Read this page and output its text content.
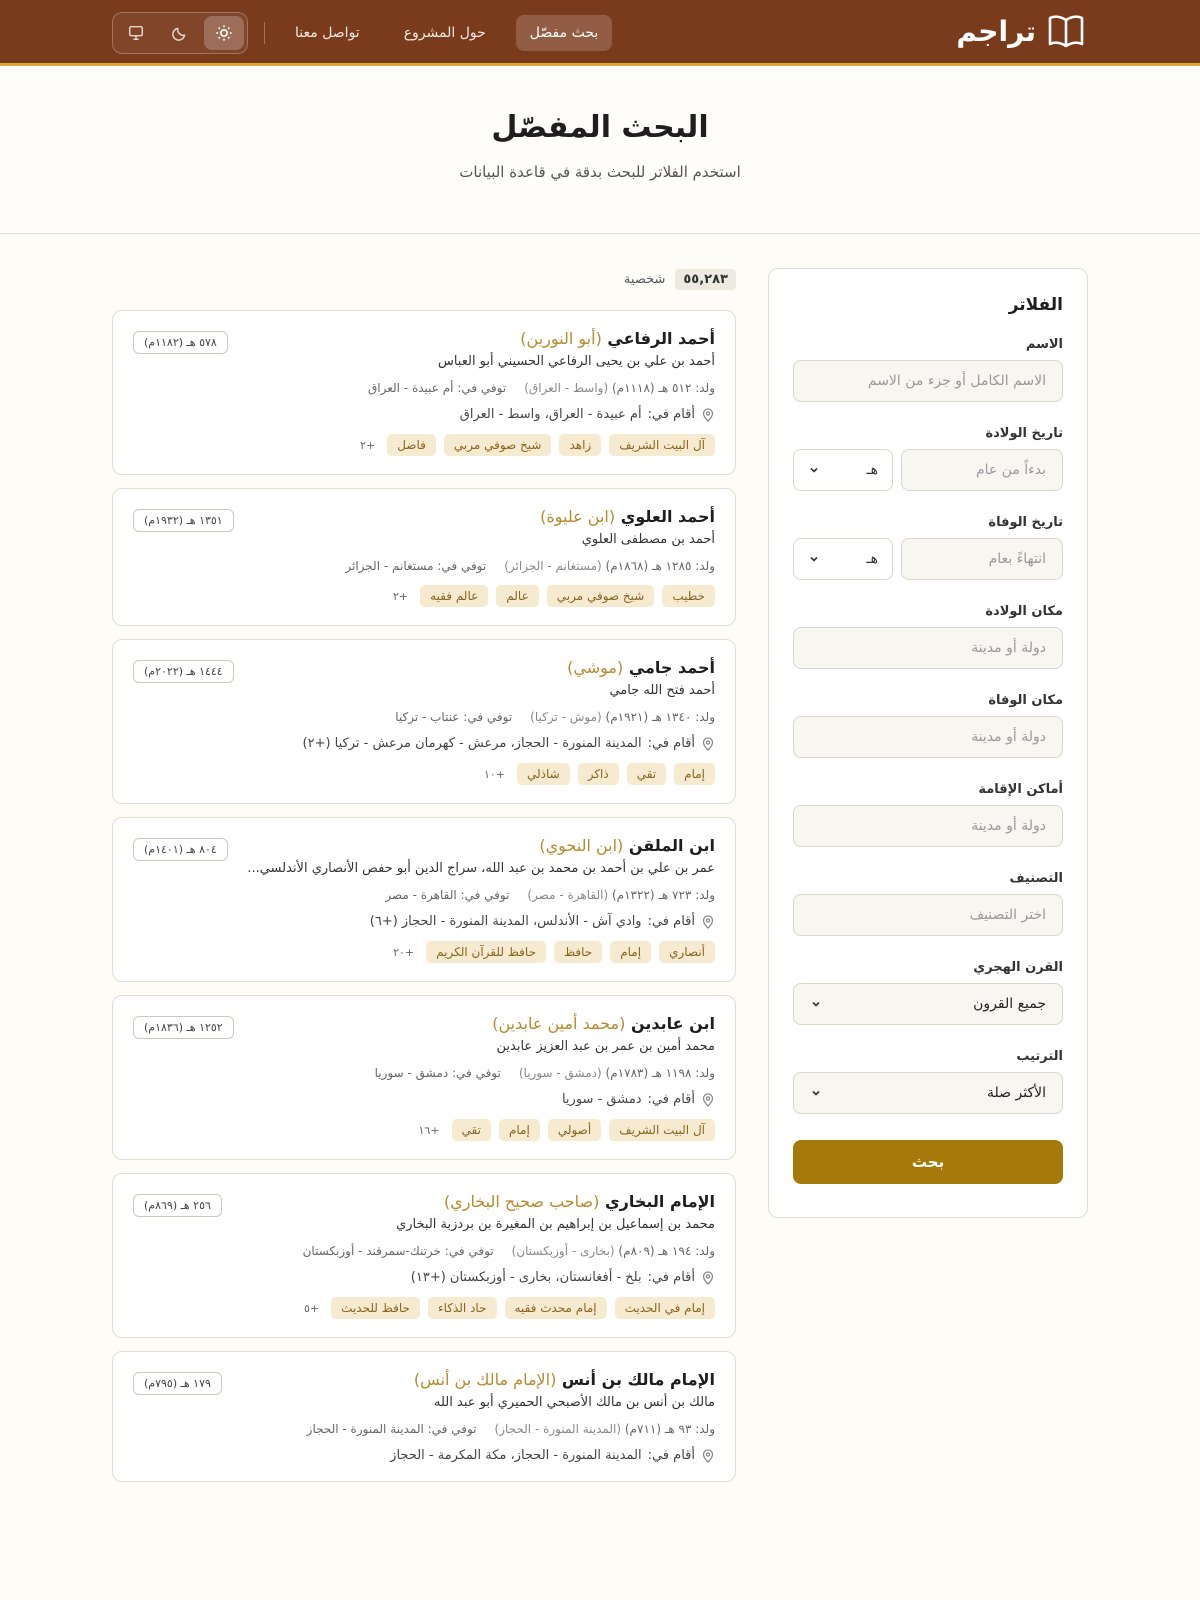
تراجم
تواصل معنا	حول المشروع	بحث مفصّل
البحث المفصّل

استخدم الفلاتر للبحث بدقة في قاعدة البيانات

الفلاتر
الاسم
الاسم الكامل أو جزء من الاسم
تاريخ الولادة
بدءاً من عام
هـ
تاريخ الوفاة
انتهاءً بعام
هـ
مكان الولادة
دولة أو مدينة
مكان الوفاة
دولة أو مدينة
أماكن الإقامة
دولة أو مدينة
التصنيف
اختر التصنيف
القرن الهجري
جميع القرون
الترتيب
الأكثر صلة
بحث
٥٥,٢٨٣
شخصية
٥٧٨ هـ (١١٨٢م)	أحمد الرفاعي (أبو النورين)
أحمد بن علي بن يحيى الرفاعي الحسيني أبو العباس
ولد: ٥١٢ هـ (١١١٨م) (واسط - العراق)
توفي في: أم عبيدة - العراق
أقام في:
أم عبيدة - العراق، واسط - العراق
آل البيت الشريف
زاهد
شيخ صوفي مربي
فاضل
+٢
١٣٥١ هـ (١٩٣٢م)	أحمد العلوي (ابن عليوة)
أحمد بن مصطفى العلوي
ولد: ١٢٨٥ هـ (١٨٦٨م) (مستغانم - الجزائر)
توفي في: مستغانم - الجزائر
خطيب
شيخ صوفي مربي
عالم
عالم فقيه
+٢
١٤٤٤ هـ (٢٠٢٢م)	أحمد جامي (موشي)
أحمد فتح الله جامي
ولد: ١٣٤٠ هـ (١٩٢١م) (موش - تركيا)
توفي في: عنتاب - تركيا
أقام في:
المدينة المنورة - الحجاز، مرعش - كهرمان مرعش - تركيا (+٢)
إمام
تقي
ذاكر
شاذلي
+١٠
٨٠٤ هـ (١٤٠١م)	ابن الملقن (ابن النحوي)
عمر بن علي بن أحمد بن محمد بن عبد الله، سراج الدين أبو حفص الأنصاري الأندلسي...
ولد: ٧٢٣ هـ (١٣٢٢م) (القاهرة - مصر)
توفي في: القاهرة - مصر
أقام في:
وادي آش - الأندلس، المدينة المنورة - الحجاز (+٦)
أنصاري
إمام
حافظ
حافظ للقرآن الكريم
+٢٠
١٢٥٢ هـ (١٨٣٦م)	ابن عابدين (محمد أمين عابدين)
محمد أمين بن عمر بن عبد العزيز عابدين
ولد: ١١٩٨ هـ (١٧٨٣م) (دمشق - سوريا)
توفي في: دمشق - سوريا
أقام في:
دمشق - سوريا
آل البيت الشريف
أصولي
إمام
تقي
+١٦
٢٥٦ هـ (٨٦٩م)	الإمام البخاري (صاحب صحيح البخاري)
محمد بن إسماعيل بن إبراهيم بن المغيرة بن بردزبة البخاري
ولد: ١٩٤ هـ (٨٠٩م) (بخارى - أوزبكستان)
توفي في: خرتنك-سمرقند - أوزبكستان
أقام في:
بلخ - أفغانستان، بخارى - أوزبكستان (+١٣)
إمام في الحديث
إمام محدث فقيه
حاد الذكاء
حافظ للحديث
+٥
١٧٩ هـ (٧٩٥م)	الإمام مالك بن أنس (الإمام مالك بن أنس)
مالك بن أنس بن مالك الأصبحي الحميري أبو عبد الله
ولد: ٩٣ هـ (٧١١م) (المدينة المنورة - الحجاز)
توفي في: المدينة المنورة - الحجاز
أقام في:
المدينة المنورة - الحجاز، مكة المكرمة - الحجاز
